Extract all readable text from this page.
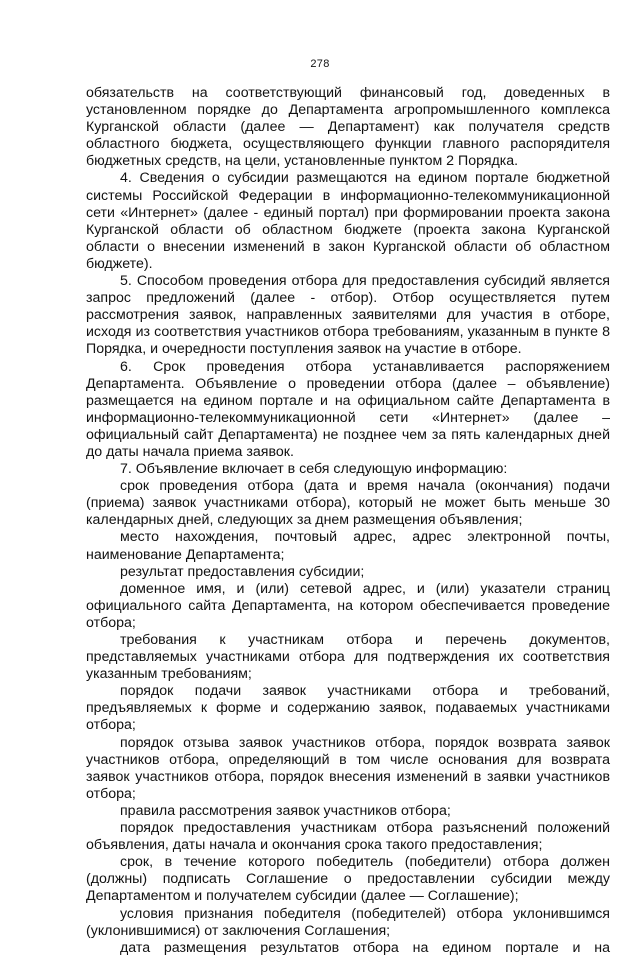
278

обязательств на соответствующий финансовый год, доведенных в установленном порядке до Департамента агропромышленного комплекса Курганской области (далее — Департамент) как получателя средств областного бюджета, осуществляющего функции главного распорядителя бюджетных средств, на цели, установленные пунктом 2 Порядка.

4. Сведения о субсидии размещаются на едином портале бюджетной системы Российской Федерации в информационно-телекоммуникационной сети «Интернет» (далее - единый портал) при формировании проекта закона Курганской области об областном бюджете (проекта закона Курганской области о внесении изменений в закон Курганской области об областном бюджете).

5. Способом проведения отбора для предоставления субсидий является запрос предложений (далее - отбор). Отбор осуществляется путем рассмотрения заявок, направленных заявителями для участия в отборе, исходя из соответствия участников отбора требованиям, указанным в пункте 8 Порядка, и очередности поступления заявок на участие в отборе.

6. Срок проведения отбора устанавливается распоряжением Департамента. Объявление о проведении отбора (далее – объявление) размещается на едином портале и на официальном сайте Департамента в информационно-телекоммуникационной сети «Интернет» (далее – официальный сайт Департамента) не позднее чем за пять календарных дней до даты начала приема заявок.

7. Объявление включает в себя следующую информацию:

срок проведения отбора (дата и время начала (окончания) подачи (приема) заявок участниками отбора), который не может быть меньше 30 календарных дней, следующих за днем размещения объявления;

место нахождения, почтовый адрес, адрес электронной почты, наименование Департамента;

результат предоставления субсидии;

доменное имя, и (или) сетевой адрес, и (или) указатели страниц официального сайта Департамента, на котором обеспечивается проведение отбора;

требования к участникам отбора и перечень документов, представляемых участниками отбора для подтверждения их соответствия указанным требованиям;

порядок подачи заявок участниками отбора и требований, предъявляемых к форме и содержанию заявок, подаваемых участниками отбора;

порядок отзыва заявок участников отбора, порядок возврата заявок участников отбора, определяющий в том числе основания для возврата заявок участников отбора, порядок внесения изменений в заявки участников отбора;

правила рассмотрения заявок участников отбора;

порядок предоставления участникам отбора разъяснений положений объявления, даты начала и окончания срока такого предоставления;

срок, в течение которого победитель (победители) отбора должен (должны) подписать Соглашение о предоставлении субсидии между Департаментом и получателем субсидии (далее — Соглашение);

условия признания победителя (победителей) отбора уклонившимся (уклонившимися) от заключения Соглашения;

дата размещения результатов отбора на едином портале и на
